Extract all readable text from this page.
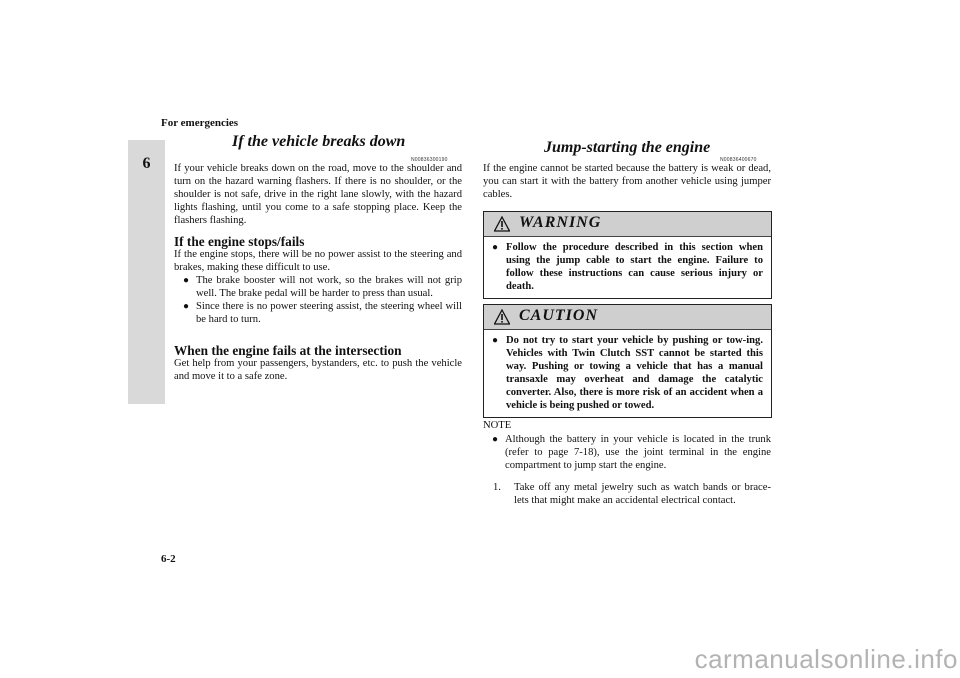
For emergencies
6
If the vehicle breaks down
N00836300190
If your vehicle breaks down on the road, move to the shoulder and turn on the hazard warning flashers. If there is no shoulder, or the shoulder is not safe, drive in the right lane slowly, with the hazard lights flashing, until you come to a safe stopping place. Keep the flashers flashing.
If the engine stops/fails
If the engine stops, there will be no power assist to the steering and brakes, making these difficult to use.
● The brake booster will not work, so the brakes will not grip well. The brake pedal will be harder to press than usual.
● Since there is no power steering assist, the steering wheel will be hard to turn.
When the engine fails at the intersection
Get help from your passengers, bystanders, etc. to push the vehicle and move it to a safe zone.
Jump-starting the engine
N00836400670
If the engine cannot be started because the battery is weak or dead, you can start it with the battery from another vehicle using jumper cables.
WARNING
● Follow the procedure described in this section when using the jump cable to start the engine. Failure to follow these instructions can cause serious injury or death.
CAUTION
● Do not try to start your vehicle by pushing or tow-ing. Vehicles with Twin Clutch SST cannot be started this way. Pushing or towing a vehicle that has a manual transaxle may overheat and damage the catalytic converter. Also, there is more risk of an accident when a vehicle is being pushed or towed.
NOTE
● Although the battery in your vehicle is located in the trunk (refer to page 7-18), use the joint terminal in the engine compartment to jump start the engine.
1. Take off any metal jewelry such as watch bands or brace-lets that might make an accidental electrical contact.
6-2
carmanualsonline.info
